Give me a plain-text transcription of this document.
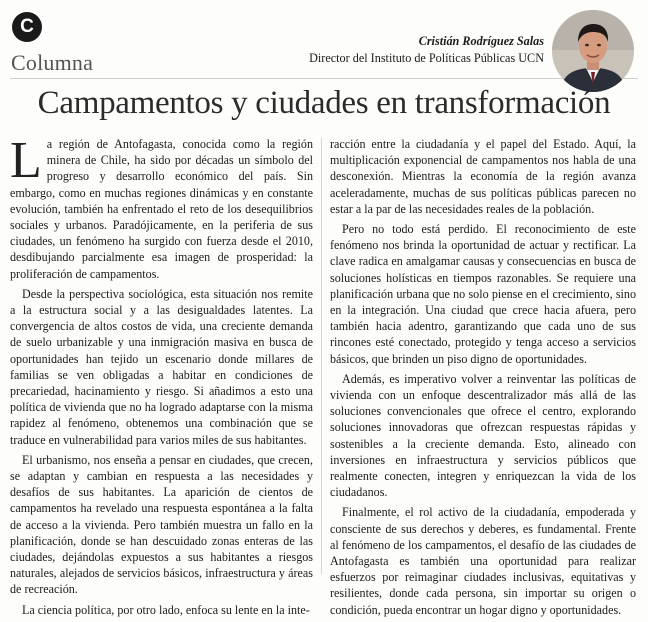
C
Columna
Cristián Rodríguez Salas
Director del Instituto de Políticas Públicas UCN
Campamentos y ciudades en transformación

La región de Antofagasta, conocida como la región minera de Chile, ha sido por décadas un símbolo del progreso y desarrollo económico del país. Sin embargo, como en muchas regiones dinámicas y en constante evolución, también ha enfrentado el reto de los desequilibrios sociales y urbanos. Paradójicamente, en la periferia de sus ciudades, un fenómeno ha surgido con fuerza desde el 2010, desdibujando parcialmente esa imagen de prosperidad: la proliferación de campamentos.

Desde la perspectiva sociológica, esta situación nos remite a la estructura social y a las desigualdades latentes. La convergencia de altos costos de vida, una creciente demanda de suelo urbanizable y una inmigración masiva en busca de oportunidades han tejido un escenario donde millares de familias se ven obligadas a habitar en condiciones de precariedad, hacinamiento y riesgo. Si añadimos a esto una política de vivienda que no ha logrado adaptarse con la misma rapidez al fenómeno, obtenemos una combinación que se traduce en vulnerabilidad para varios miles de sus habitantes.

El urbanismo, nos enseña a pensar en ciudades, que crecen, se adaptan y cambian en respuesta a las necesidades y desafíos de sus habitantes. La aparición de cientos de campamentos ha revelado una respuesta espontánea a la falta de acceso a la vivienda. Pero también muestra un fallo en la planificación, donde se han descuidado zonas enteras de las ciudades, dejándolas expuestos a sus habitantes a riesgos naturales, alejados de servicios básicos, infraestructura y áreas de recreación.

La ciencia política, por otro lado, enfoca su lente en la inte-

racción entre la ciudadanía y el papel del Estado. Aquí, la multiplicación exponencial de campamentos nos habla de una desconexión. Mientras la economía de la región avanza aceleradamente, muchas de sus políticas públicas parecen no estar a la par de las necesidades reales de la población.

Pero no todo está perdido. El reconocimiento de este fenómeno nos brinda la oportunidad de actuar y rectificar. La clave radica en amalgamar causas y consecuencias en busca de soluciones holísticas en tiempos razonables. Se requiere una planificación urbana que no solo piense en el crecimiento, sino en la integración. Una ciudad que crece hacia afuera, pero también hacia adentro, garantizando que cada uno de sus rincones esté conectado, protegido y tenga acceso a servicios básicos, que brinden un piso digno de oportunidades.

Además, es imperativo volver a reinventar las políticas de vivienda con un enfoque descentralizador más allá de las soluciones convencionales que ofrece el centro, explorando soluciones innovadoras que ofrezcan respuestas rápidas y sostenibles a la creciente demanda. Esto, alineado con inversiones en infraestructura y servicios públicos que realmente conecten, integren y enriquezcan la vida de los ciudadanos.

Finalmente, el rol activo de la ciudadanía, empoderada y consciente de sus derechos y deberes, es fundamental. Frente al fenómeno de los campamentos, el desafío de las ciudades de Antofagasta es también una oportunidad para realizar esfuerzos por reimaginar ciudades inclusivas, equitativas y resilientes, donde cada persona, sin importar su origen o condición, pueda encontrar un hogar digno y oportunidades.
